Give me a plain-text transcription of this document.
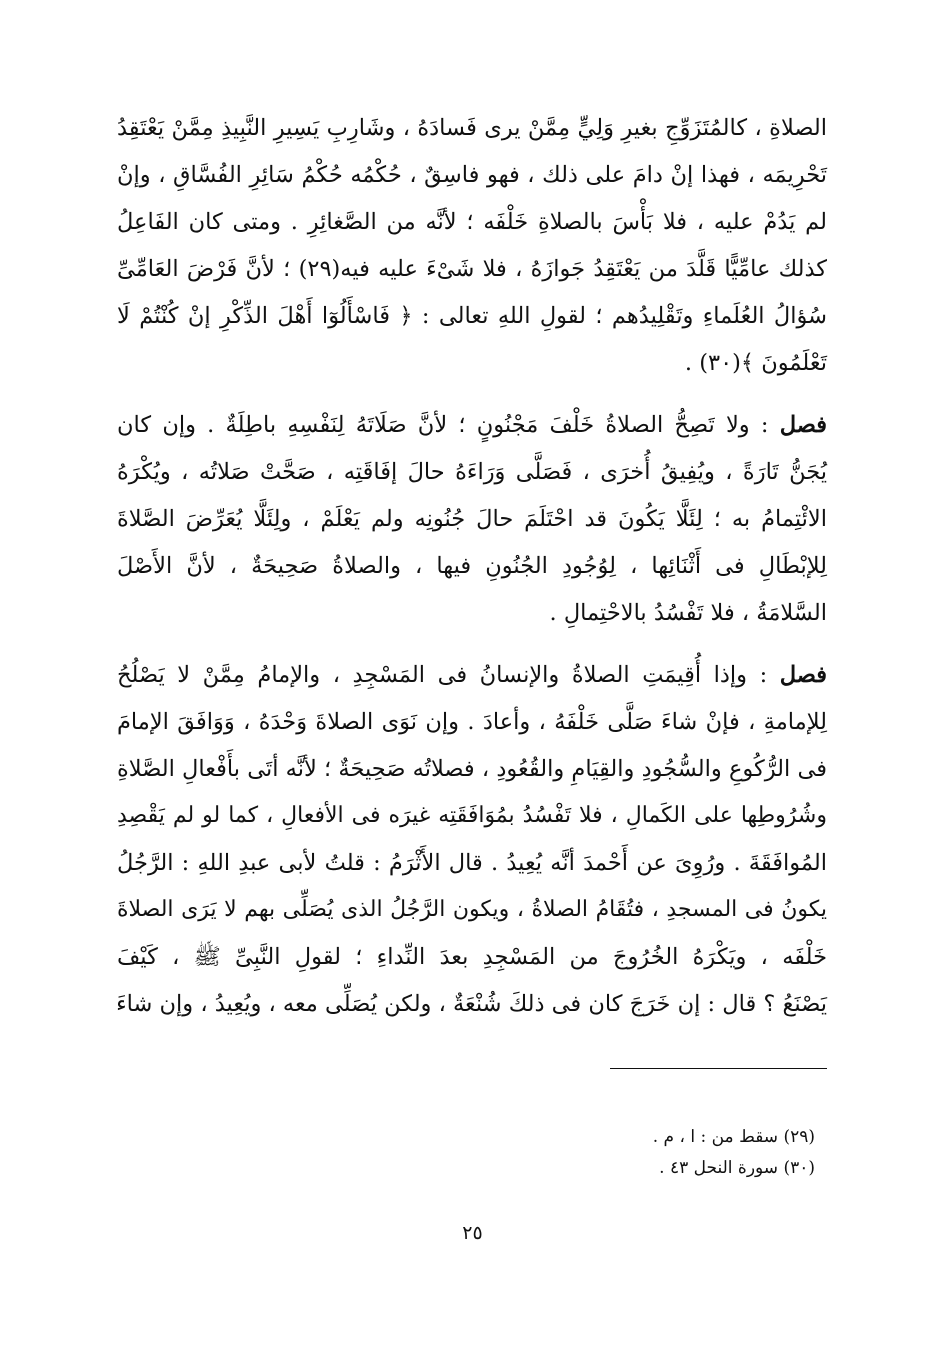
الصلاةِ ، كالمُتَزَوِّجِ بغيرِ وَلِيٍّ مِمَّنْ يرى فَسادَهُ ، وشَارِبِ يَسِيرِ النَّبِيذِ مِمَّنْ يَعْتَقِدُ
تَحْرِيمَه ، فهذا إنْ دامَ على ذلك ، فهو فاسِقٌ ، حُكْمُه حُكْمُ سَائِرِ الفُسَّاقِ ، وإنْ
لم يَدُمْ عليه ، فلا بَأْسَ بالصلاةِ خَلْفَه ؛ لأنَّه من الصَّغائِرِ . ومتى كان الفَاعِلُ
كذلك عامِّيًّا قَلَّدَ من يَعْتَقِدُ جَوازَهُ ، فلا شَىْءَ عليه فيه(٢٩) ؛ لأنَّ فَرْضَ العَامِّىِّ
سُؤالُ العُلَماءِ وتَقْلِيدُهم ؛ لقولِ اللهِ تعالى : ﴿ فَاسْأَلُوٓا أَهْلَ الذِّكْرِ إنْ كُنْتُمْ لَا
تَعْلَمُونَ ﴾(٣٠) .
فصل : ولا تَصِحُّ الصلاةُ خَلْفَ مَجْنُونٍ ؛ لأنَّ صَلَاتَهُ لِنَفْسِهِ باطِلَةٌ . وإن كان
يُجَنُّ تَارَةً ، ويُفِيقُ أُخرَى ، فَصَلَّى وَرَاءَهُ حالَ إفَاقَتِه ، صَحَّتْ صَلاتُه ، ويُكْرَهُ
الائْتِمامُ به ؛ لِئَلَّا يَكُونَ قد احْتَلَمَ حالَ جُنُونِه ولم يَعْلَمْ ، ولِئَلَّا يُعَرِّضَ الصَّلاةَ
لِلإبْطَالِ فى أَثْنَائِها ، لِوُجُودِ الجُنُونِ فيها ، والصلاةُ صَحِيحَةٌ ، لأنَّ الأَصْلَ
السَّلامَةُ ، فلا تَفْسُدُ بالاحْتِمالِ .
فصل : وإذا أُقِيمَتِ الصلاةُ والإنسانُ فى المَسْجِدِ ، والإمامُ مِمَّنْ لا يَصْلُحُ
لِلإمامةِ ، فإنْ شاءَ صَلَّى خَلْفَهُ ، وأعادَ . وإن نَوَى الصلاةَ وَحْدَهُ ، وَوَافَقَ الإمامَ
فى الرُّكُوعِ والسُّجُودِ والقِيَامِ والقُعُودِ ، فصلاتُه صَحِيحَةٌ ؛ لأنَّه أتَى بأَفْعالِ الصَّلاةِ
وشُرُوطِها على الكَمالِ ، فلا تَفْسُدُ بمُوَافَقَتِه غيرَه فى الأفعالِ ، كما لو لم يَقْصِدِ
المُوافَقَةَ . ورُوِىَ عن أَحْمدَ أنَّه يُعِيدُ . قال الأَثْرَمُ : قلتُ لأبى عبدِ اللهِ : الرَّجُلُ
يكونُ فى المسجدِ ، فتُقَامُ الصلاةُ ، ويكون الرَّجُلُ الذى يُصَلِّى بهم لا يَرَى الصلاةَ
خَلْفَه ، ويَكْرَهُ الخُرُوجَ من المَسْجِدِ بعدَ النِّداءِ ؛ لقولِ النَّبِىِّ ﷺ ، كَيْفَ
يَصْنَعُ ؟ قال : إن خَرَجَ كان فى ذلكَ شُنْعَةٌ ، ولكن يُصَلِّى معه ، ويُعِيدُ ، وإن شاءَ
(٢٩) سقط من : ا ، م .
(٣٠) سورة النحل ٤٣ .
٢٥
